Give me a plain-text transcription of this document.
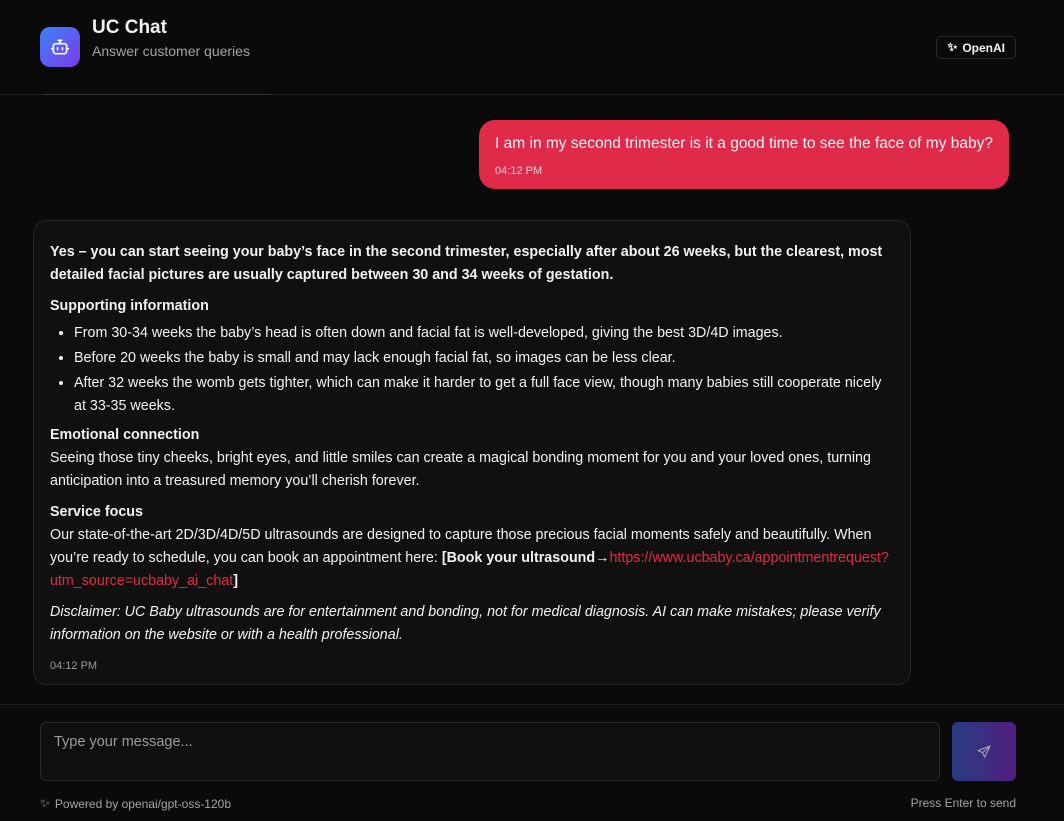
UC Chat
Answer customer queries	✨︎ OpenAI
I am in my second trimester is it a good time to see the face of my baby?
04:12 PM

Yes – you can start seeing your baby’s face in the second trimester, especially after about 26 weeks, but the clearest, most detailed facial pictures are usually captured between 30 and 34 weeks of gestation.

Supporting information
• From 30-34 weeks the baby’s head is often down and facial fat is well-developed, giving the best 3D/4D images.
• Before 20 weeks the baby is small and may lack enough facial fat, so images can be less clear.
• After 32 weeks the womb gets tighter, which can make it harder to get a full face view, though many babies still cooperate nicely at 33-35 weeks.
Emotional connection

Seeing those tiny cheeks, bright eyes, and little smiles can create a magical bonding moment for you and your loved ones, turning anticipation into a treasured memory you’ll cherish forever.

Service focus

Our state-of-the-art 2D/3D/4D/5D ultrasounds are designed to capture those precious facial moments safely and beautifully. When you’re ready to schedule, you can book an appointment here: [Book your ultrasound→https://www.ucbaby.ca/appointmentrequest?utm_source=ucbaby_ai_chat]

Disclaimer: UC Baby ultrasounds are for entertainment and bonding, not for medical diagnosis. AI can make mistakes; please verify information on the website or with a health professional.

04:12 PM
Type your message...
✨︎ Powered by openai/gpt-oss-120b	Press Enter to send
